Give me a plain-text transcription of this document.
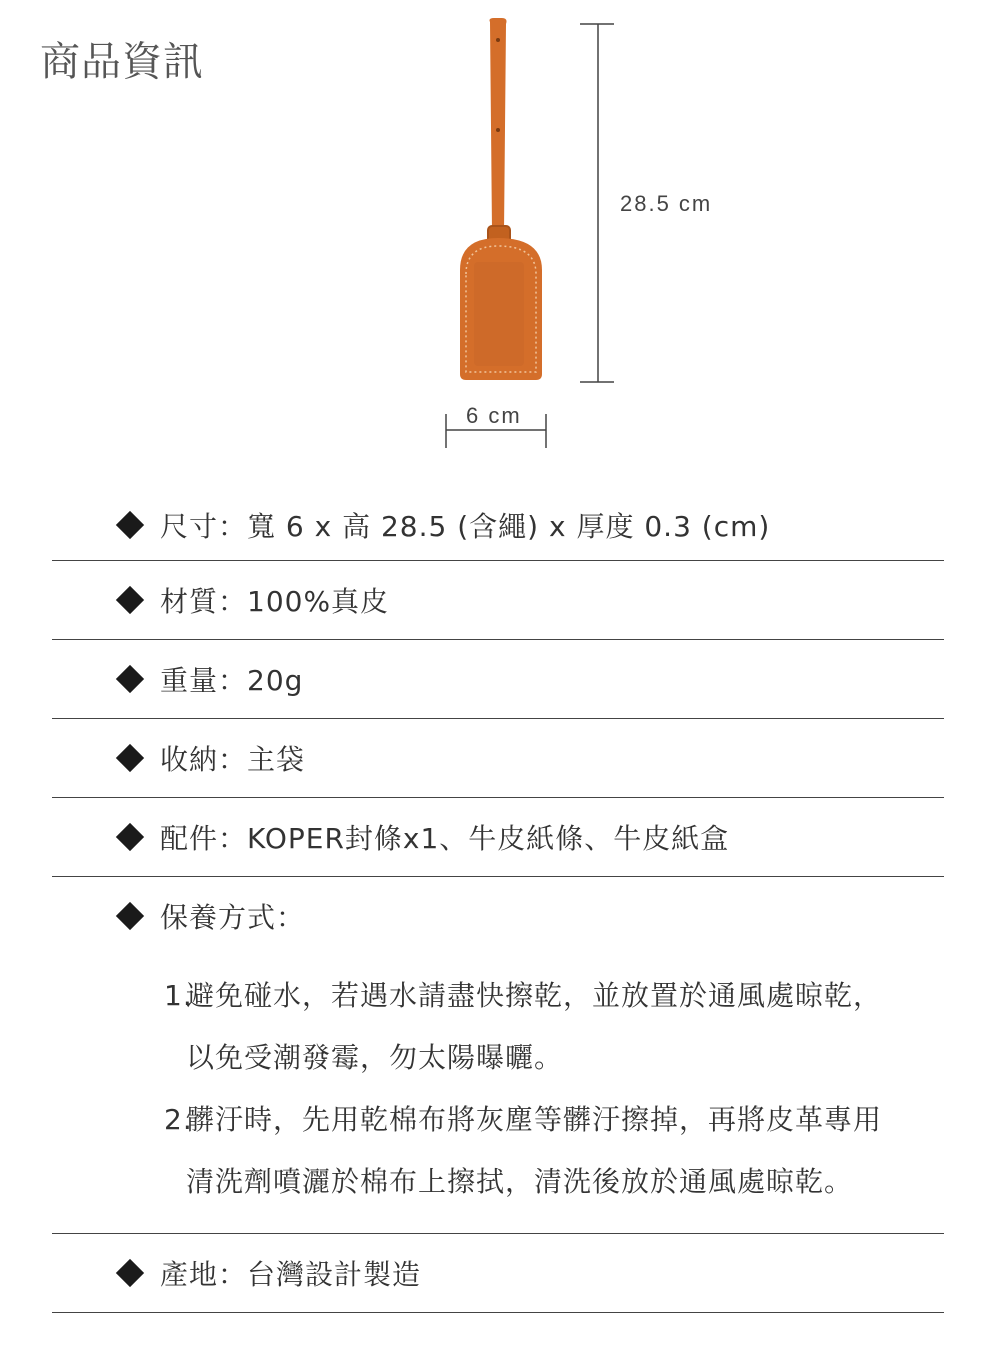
商品資訊
28.5 cm
6 cm
尺寸：寬 6 x 高 28.5 (含繩) x 厚度 0.3 (cm)
材質：100%真皮
重量：20g
收納：主袋
配件：KOPER封條x1、牛皮紙條、牛皮紙盒
保養方式：
1.
避免碰水，若遇水請盡快擦乾，並放置於通風處晾乾，以免受潮發霉，勿太陽曝曬。
2.
髒汙時，先用乾棉布將灰塵等髒汙擦掉，再將皮革專用清洗劑噴灑於棉布上擦拭，清洗後放於通風處晾乾。
產地：台灣設計製造
